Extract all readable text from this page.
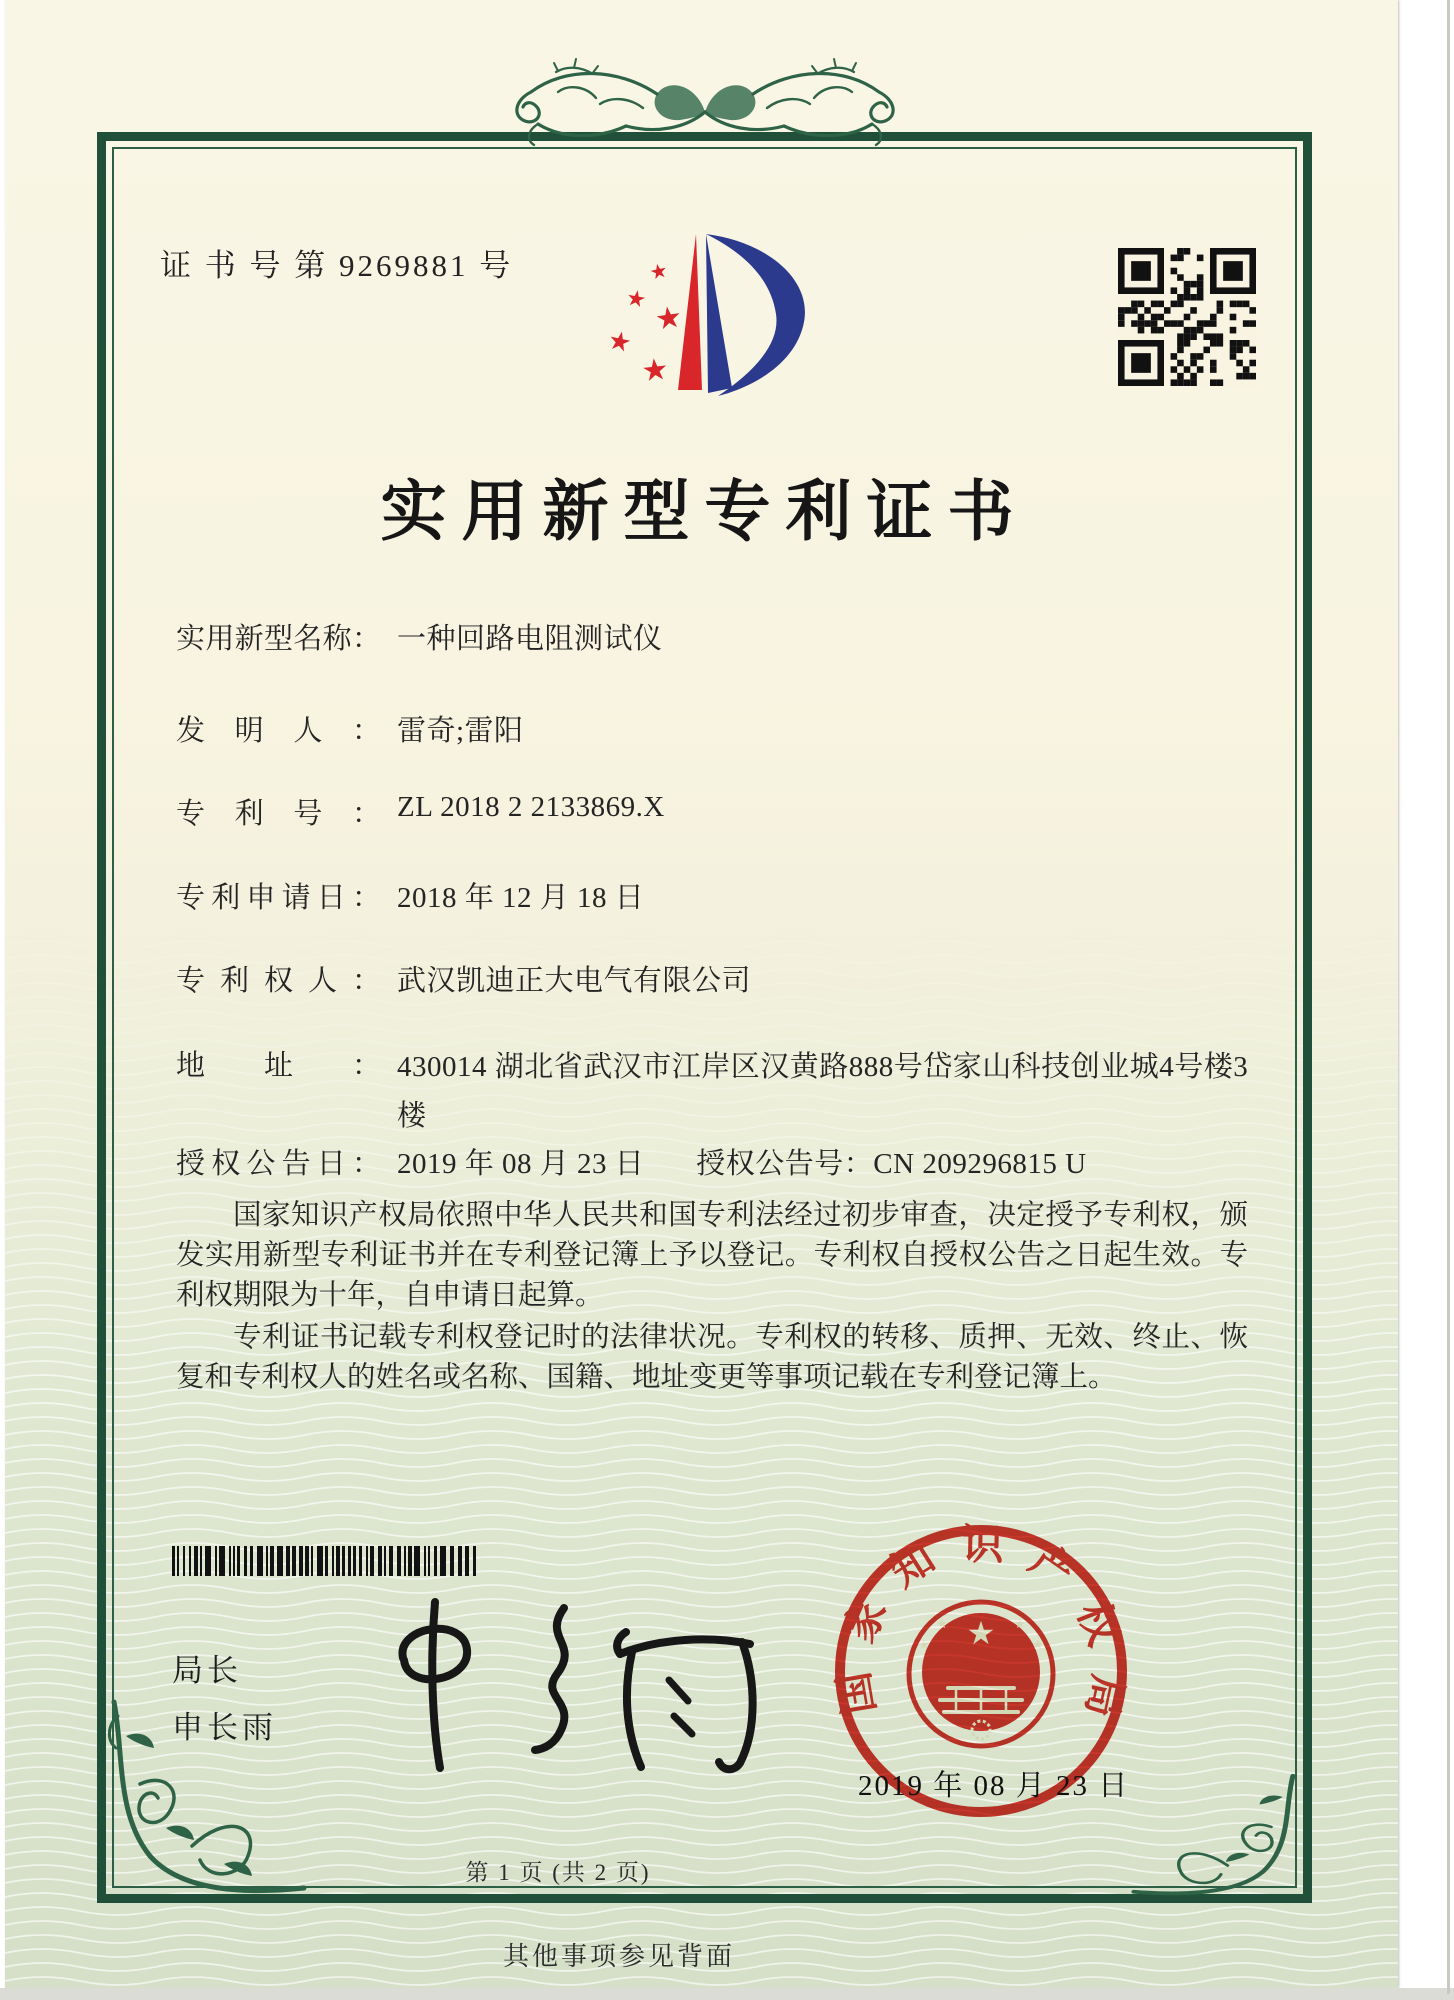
证 书 号 第 9269881 号	★
★
★
★
★
实用新型专利证书
实用新型名称： 一种回路电阻测试仪
发明人： 雷奇;雷阳
专利号： ZL 2018 2 2133869.X
专利申请日： 2018 年 12 月 18 日
专利权人： 武汉凯迪正大电气有限公司
地址： 430014 湖北省武汉市江岸区汉黄路888号岱家山科技创业城4号楼3楼
授权公告日： 2019 年 08 月 23 日 授权公告号：CN 209296815 U

国家知识产权局依照中华人民共和国专利法经过初步审查，决定授予专利权，颁发实用新型专利证书并在专利登记簿上予以登记。专利权自授权公告之日起生效。专利权期限为十年，自申请日起算。

专利证书记载专利权登记时的法律状况。专利权的转移、质押、无效、终止、恢复和专利权人的姓名或名称、国籍、地址变更等事项记载在专利登记簿上。

局长
申长雨
国家知识产权局
★
★
★
★
★
2019 年 08 月 23 日
第 1 页 (共 2 页)
其他事项参见背面
